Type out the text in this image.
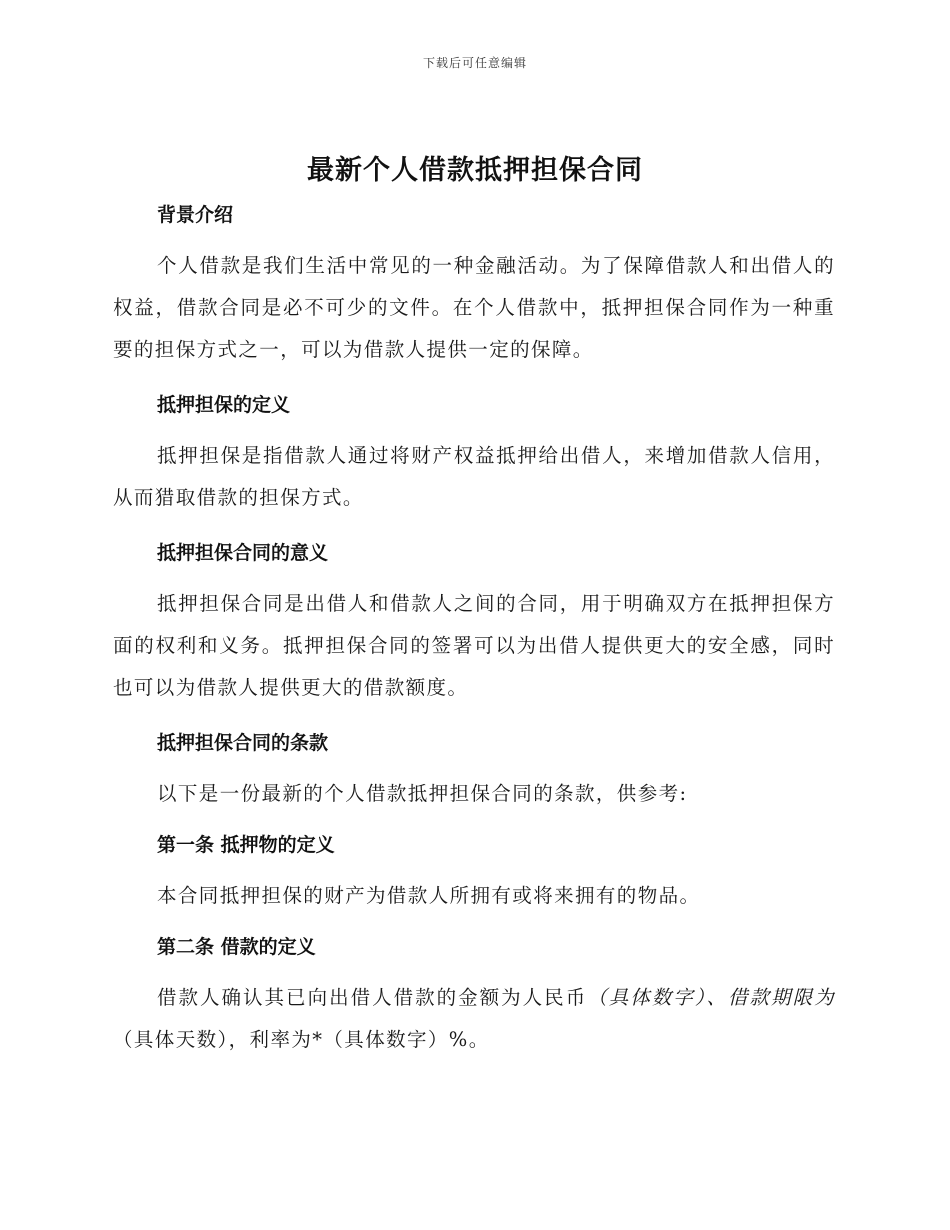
下载后可任意编辑
最新个人借款抵押担保合同
背景介绍

个人借款是我们生活中常见的一种金融活动。为了保障借款人和出借人的权益，借款合同是必不可少的文件。在个人借款中，抵押担保合同作为一种重要的担保方式之一，可以为借款人提供一定的保障。

抵押担保的定义

抵押担保是指借款人通过将财产权益抵押给出借人，来增加借款人信用，从而猎取借款的担保方式。

抵押担保合同的意义

抵押担保合同是出借人和借款人之间的合同，用于明确双方在抵押担保方面的权利和义务。抵押担保合同的签署可以为出借人提供更大的安全感，同时也可以为借款人提供更大的借款额度。

抵押担保合同的条款

以下是一份最新的个人借款抵押担保合同的条款，供参考:

第一条 抵押物的定义

本合同抵押担保的财产为借款人所拥有或将来拥有的物品。

第二条 借款的定义

借款人确认其已向出借人借款的金额为人民币（具体数字）、借款期限为（具体天数），利率为*（具体数字）%。
